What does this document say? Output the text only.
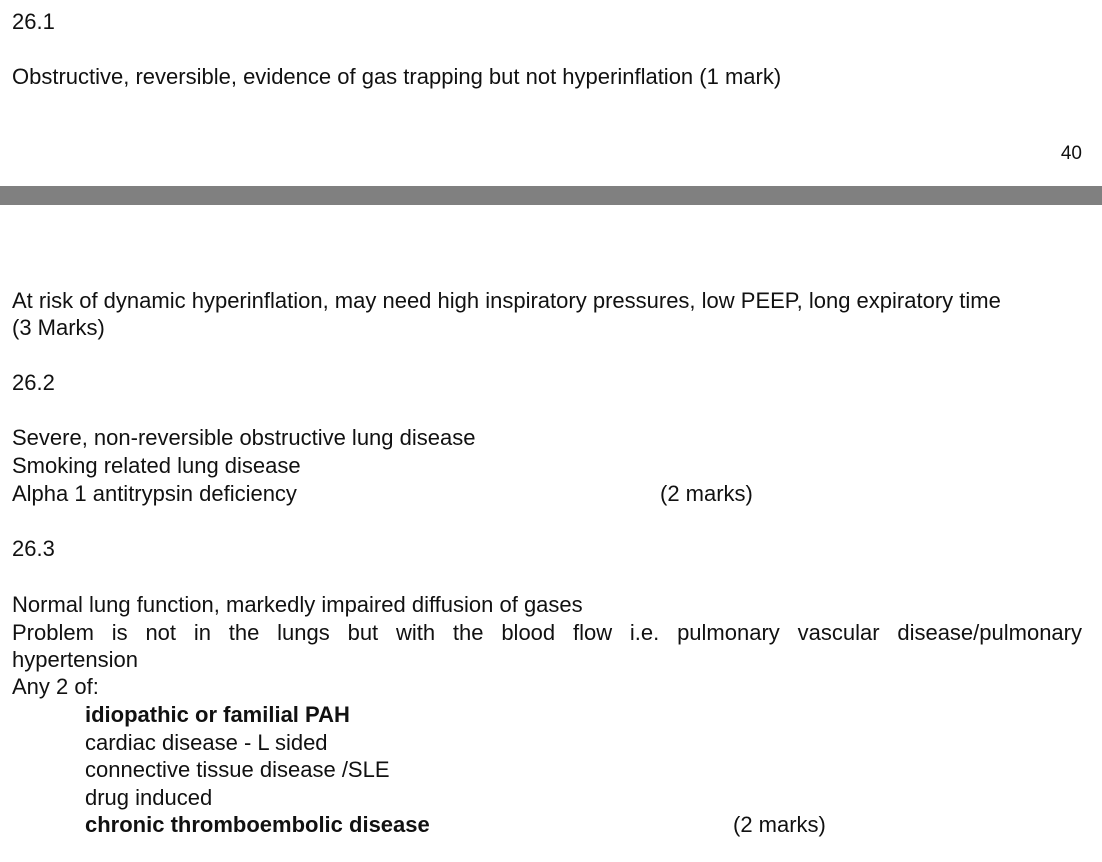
26.1
Obstructive, reversible, evidence of gas trapping but not hyperinflation (1 mark)
40
At risk of dynamic hyperinflation, may need high inspiratory pressures, low PEEP, long expiratory time
(3 Marks)
26.2
Severe, non-reversible obstructive lung disease
Smoking related lung disease
Alpha 1 antitrypsin deficiency	(2 marks)
26.3
Normal lung function, markedly impaired diffusion of gases
Problem is not in the lungs but with the blood flow i.e. pulmonary vascular disease/pulmonary
hypertension
Any 2 of:
idiopathic or familial PAH
cardiac disease - L sided
connective tissue disease /SLE
drug induced
chronic thromboembolic disease	(2 marks)
